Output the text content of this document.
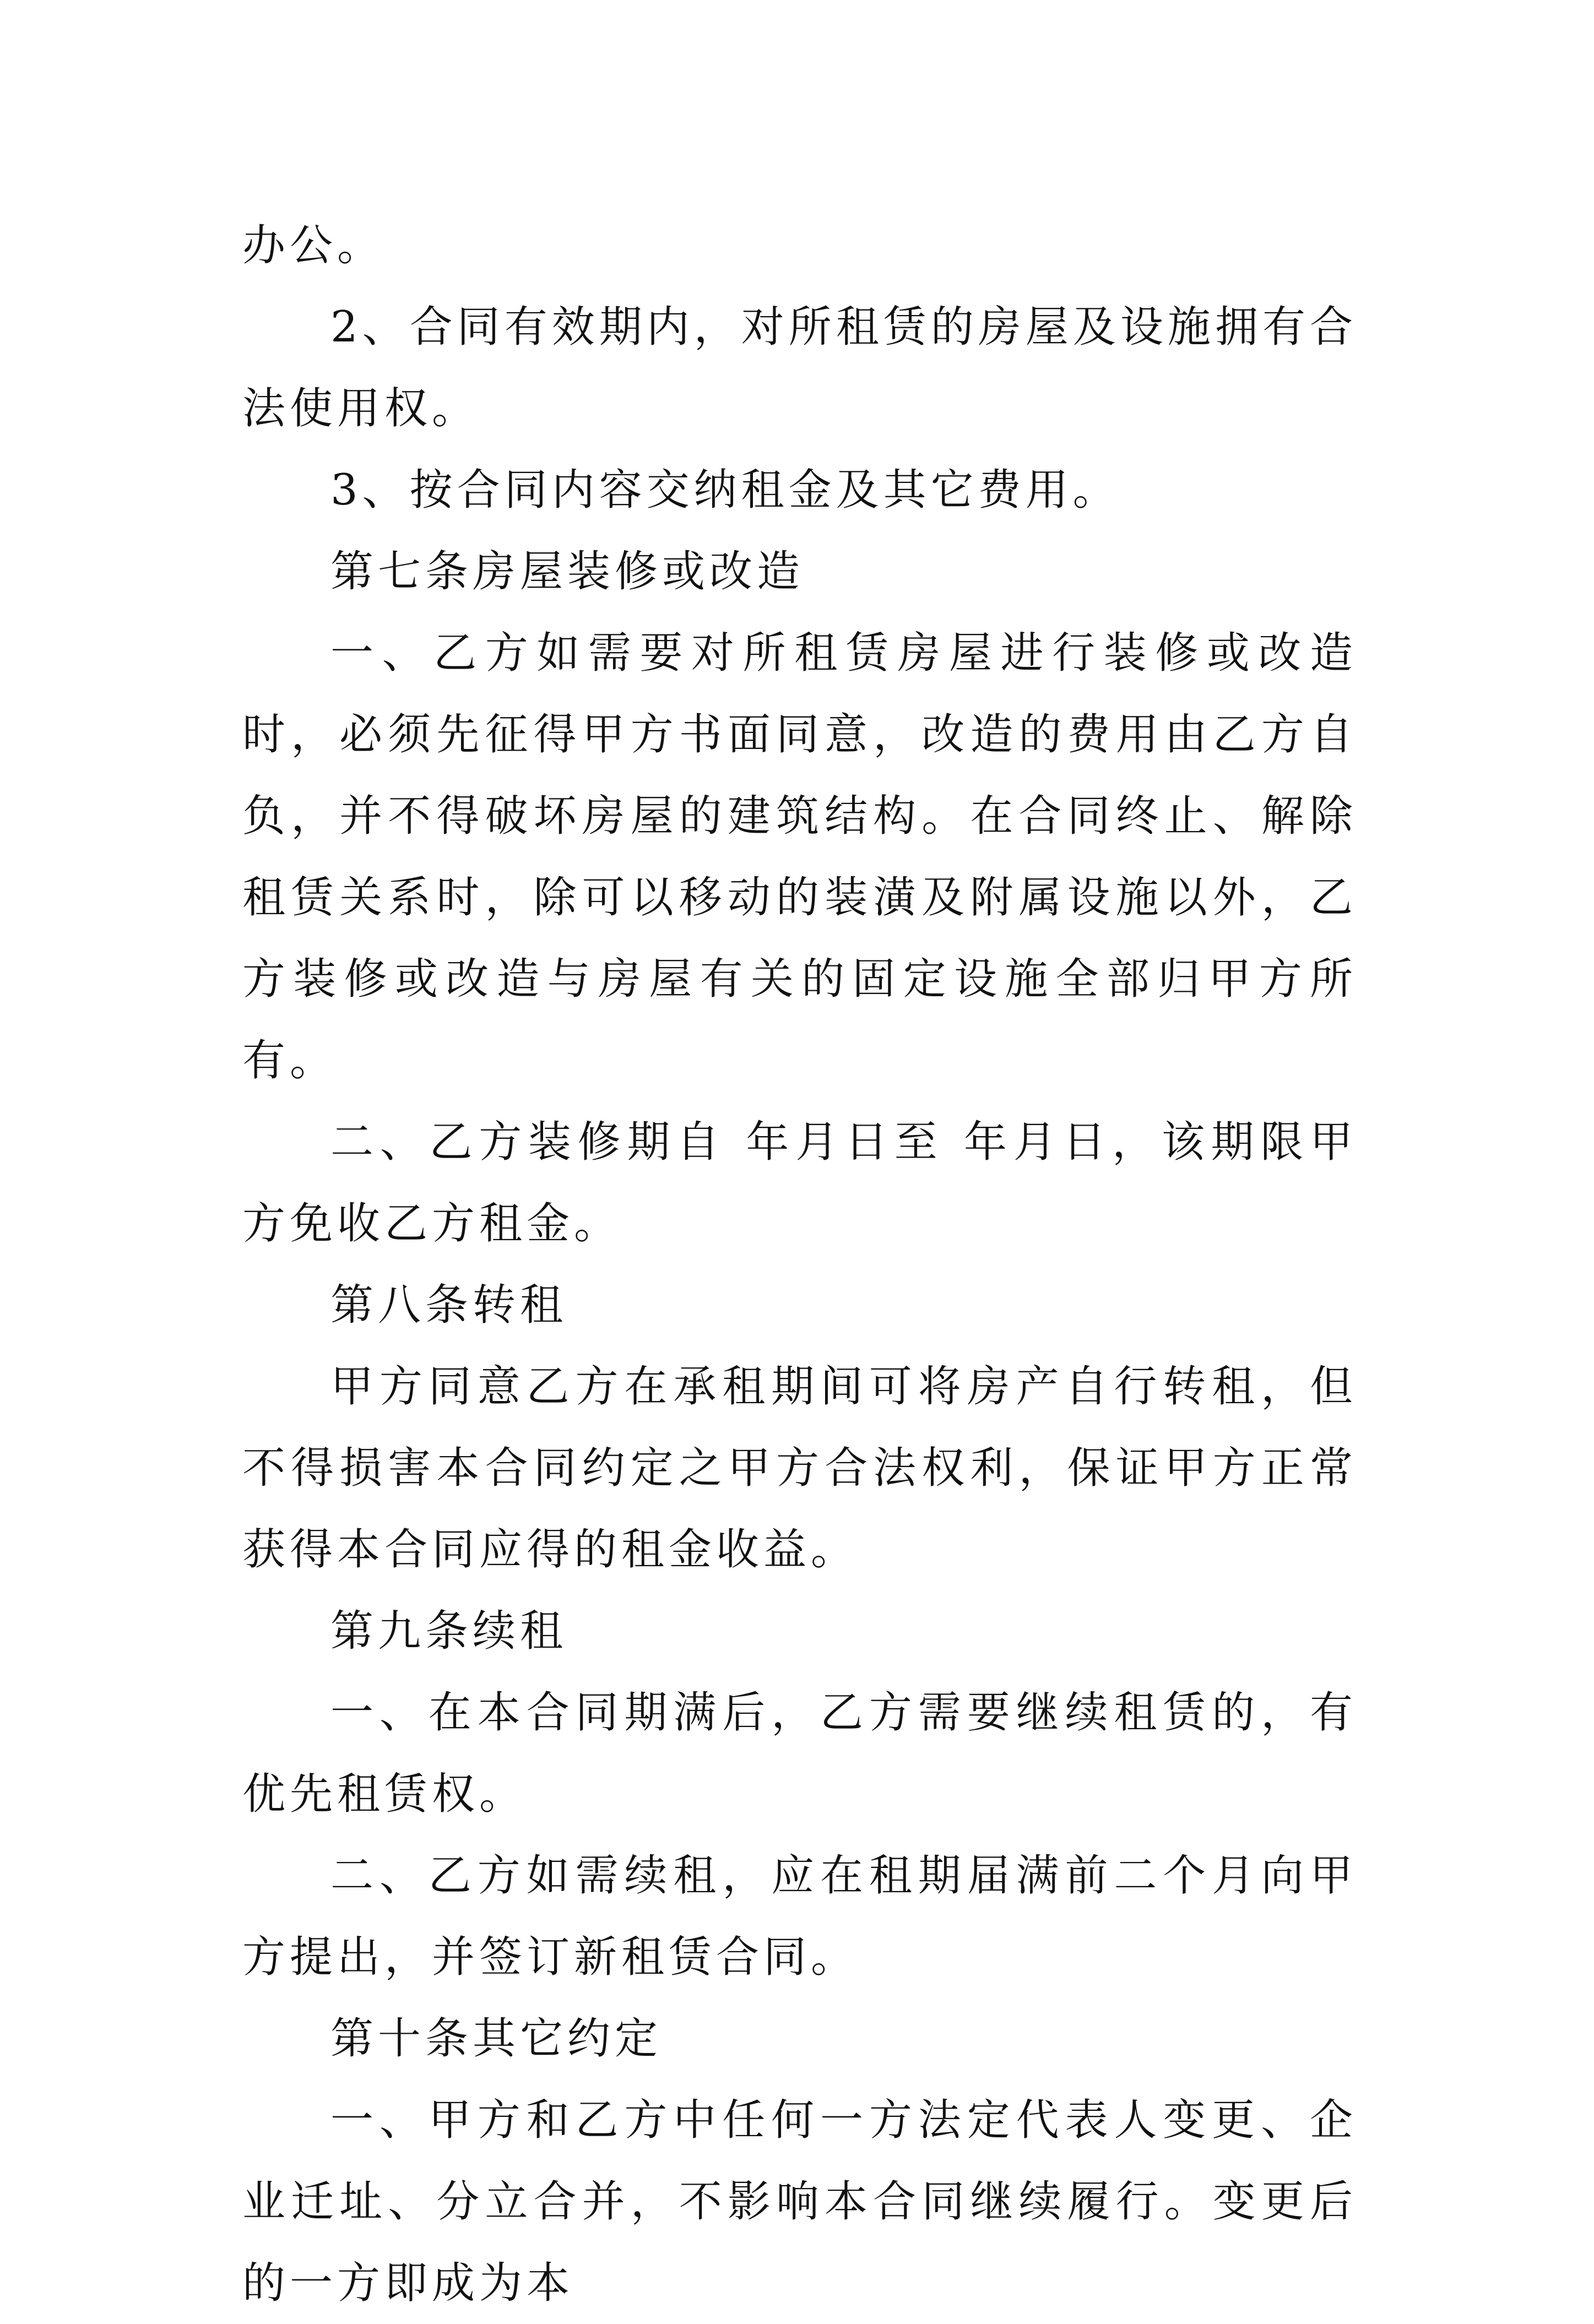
办公。

2、合同有效期内，对所租赁的房屋及设施拥有合法使用权。

3、按合同内容交纳租金及其它费用。

第七条房屋装修或改造

一、乙方如需要对所租赁房屋进行装修或改造时，必须先征得甲方书面同意，改造的费用由乙方自负，并不得破坏房屋的建筑结构。在合同终止、解除租赁关系时，除可以移动的装潢及附属设施以外，乙方装修或改造与房屋有关的固定设施全部归甲方所有。

二、乙方装修期自 年月日至 年月日，该期限甲方免收乙方租金。

第八条转租

甲方同意乙方在承租期间可将房产自行转租，但不得损害本合同约定之甲方合法权利，保证甲方正常获得本合同应得的租金收益。

第九条续租

一、在本合同期满后，乙方需要继续租赁的，有优先租赁权。

二、乙方如需续租，应在租期届满前二个月向甲方提出，并签订新租赁合同。

第十条其它约定

一、甲方和乙方中任何一方法定代表人变更、企业迁址、分立合并，不影响本合同继续履行。变更后的一方即成为本
